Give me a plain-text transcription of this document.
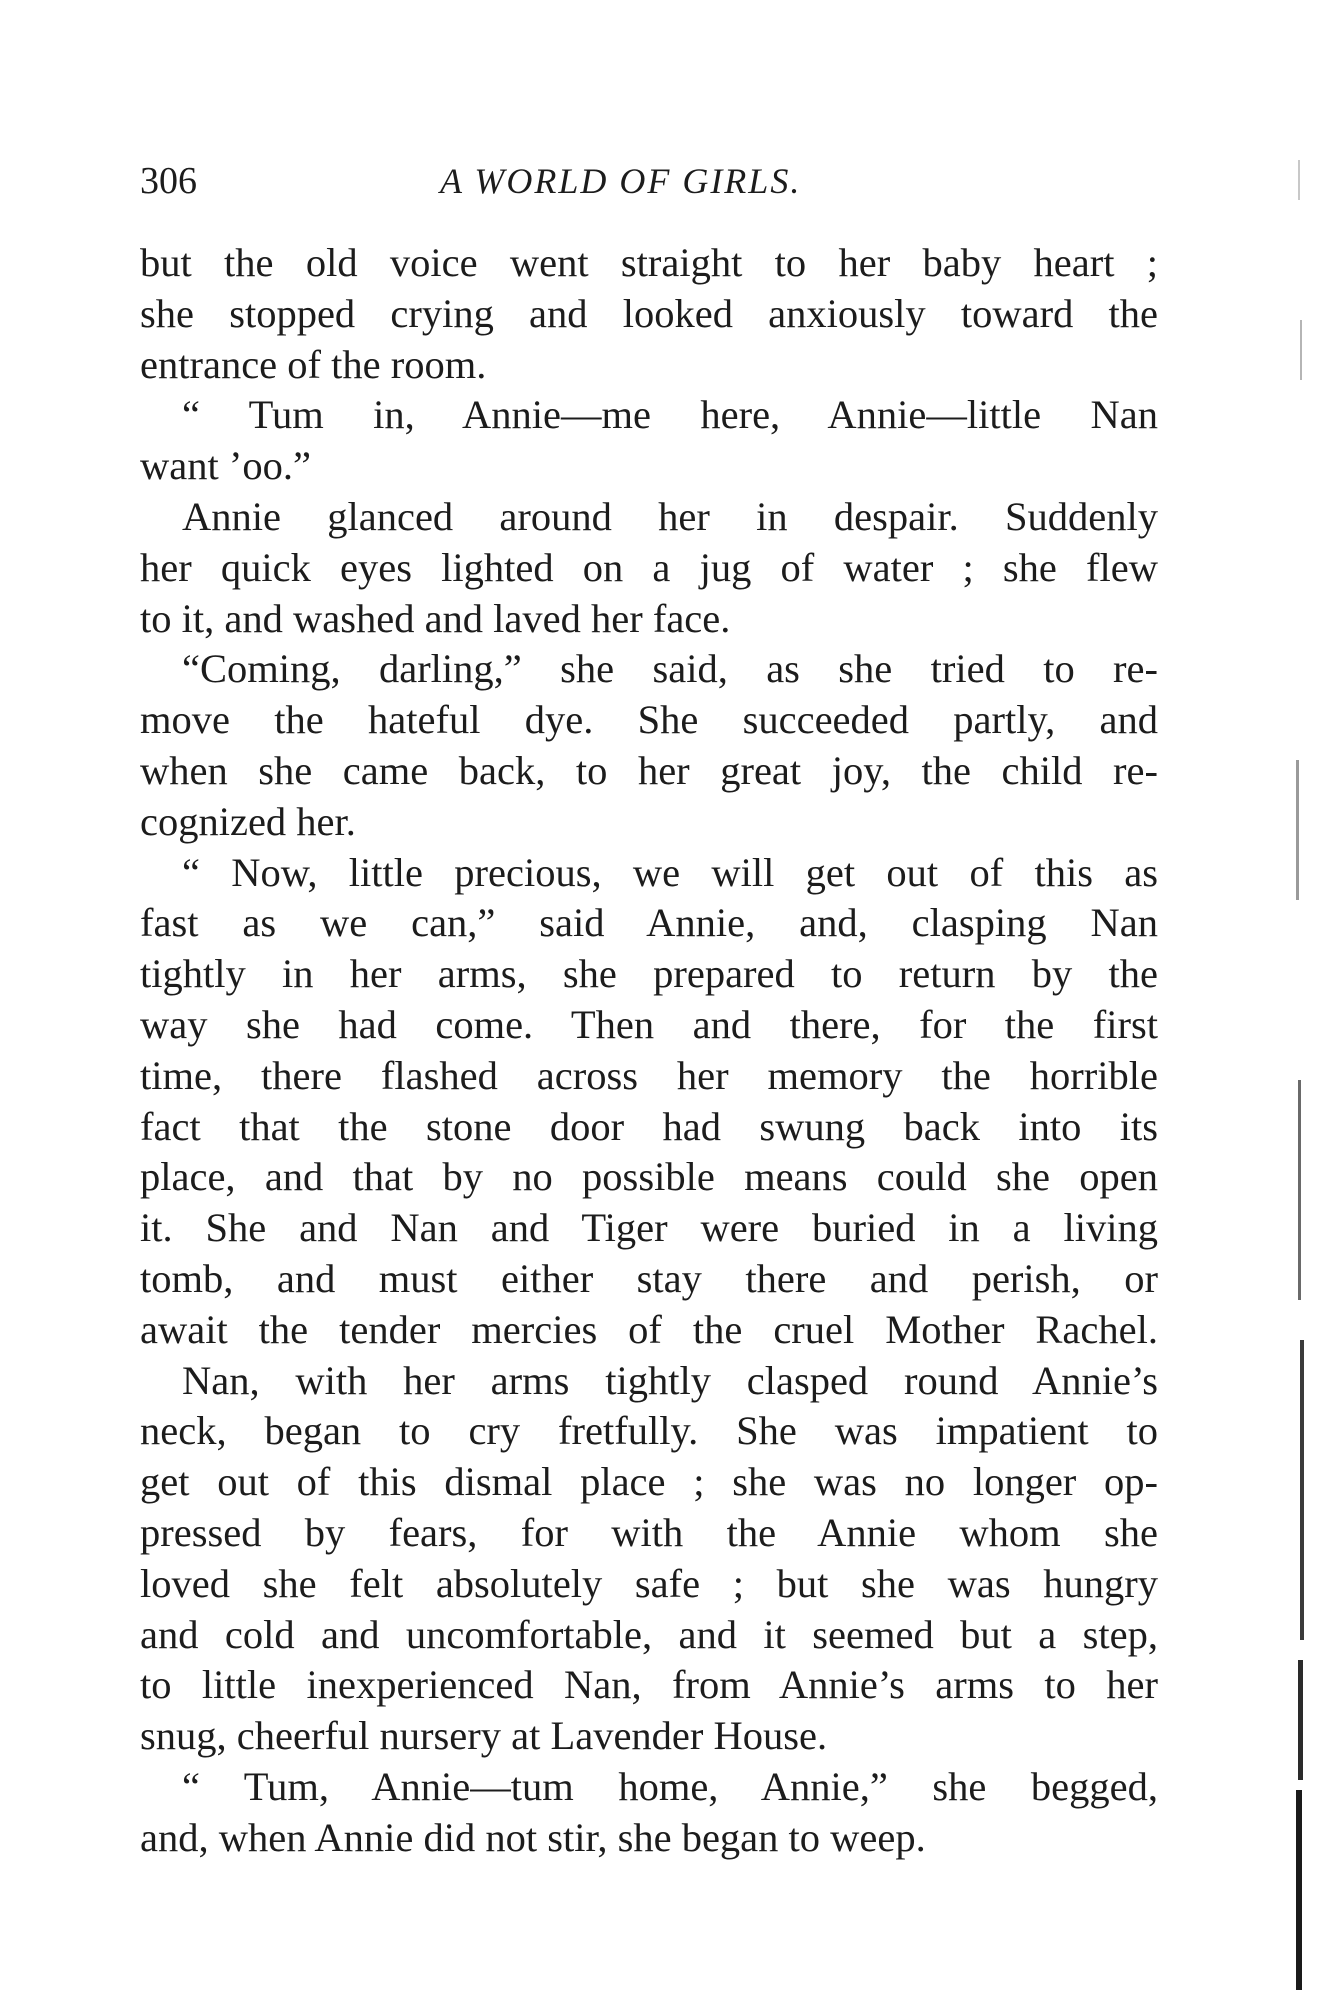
306	A WORLD OF GIRLS.
but the old voice went straight to her baby heart ;
she stopped crying and looked anxiously toward the
entrance of the room.
“ Tum in, Annie—me here, Annie—little Nan
want ’oo.”
Annie glanced around her in despair. Suddenly
her quick eyes lighted on a jug of water ; she flew
to it, and washed and laved her face.
“Coming, darling,” she said, as she tried to re-
move the hateful dye. She succeeded partly, and
when she came back, to her great joy, the child re-
cognized her.
“ Now, little precious, we will get out of this as
fast as we can,” said Annie, and, clasping Nan
tightly in her arms, she prepared to return by the
way she had come. Then and there, for the first
time, there flashed across her memory the horrible
fact that the stone door had swung back into its
place, and that by no possible means could she open
it. She and Nan and Tiger were buried in a living
tomb, and must either stay there and perish, or
await the tender mercies of the cruel Mother Rachel.
Nan, with her arms tightly clasped round Annie’s
neck, began to cry fretfully. She was impatient to
get out of this dismal place ; she was no longer op-
pressed by fears, for with the Annie whom she
loved she felt absolutely safe ; but she was hungry
and cold and uncomfortable, and it seemed but a step,
to little inexperienced Nan, from Annie’s arms to her
snug, cheerful nursery at Lavender House.
“ Tum, Annie—tum home, Annie,” she begged,
and, when Annie did not stir, she began to weep.
